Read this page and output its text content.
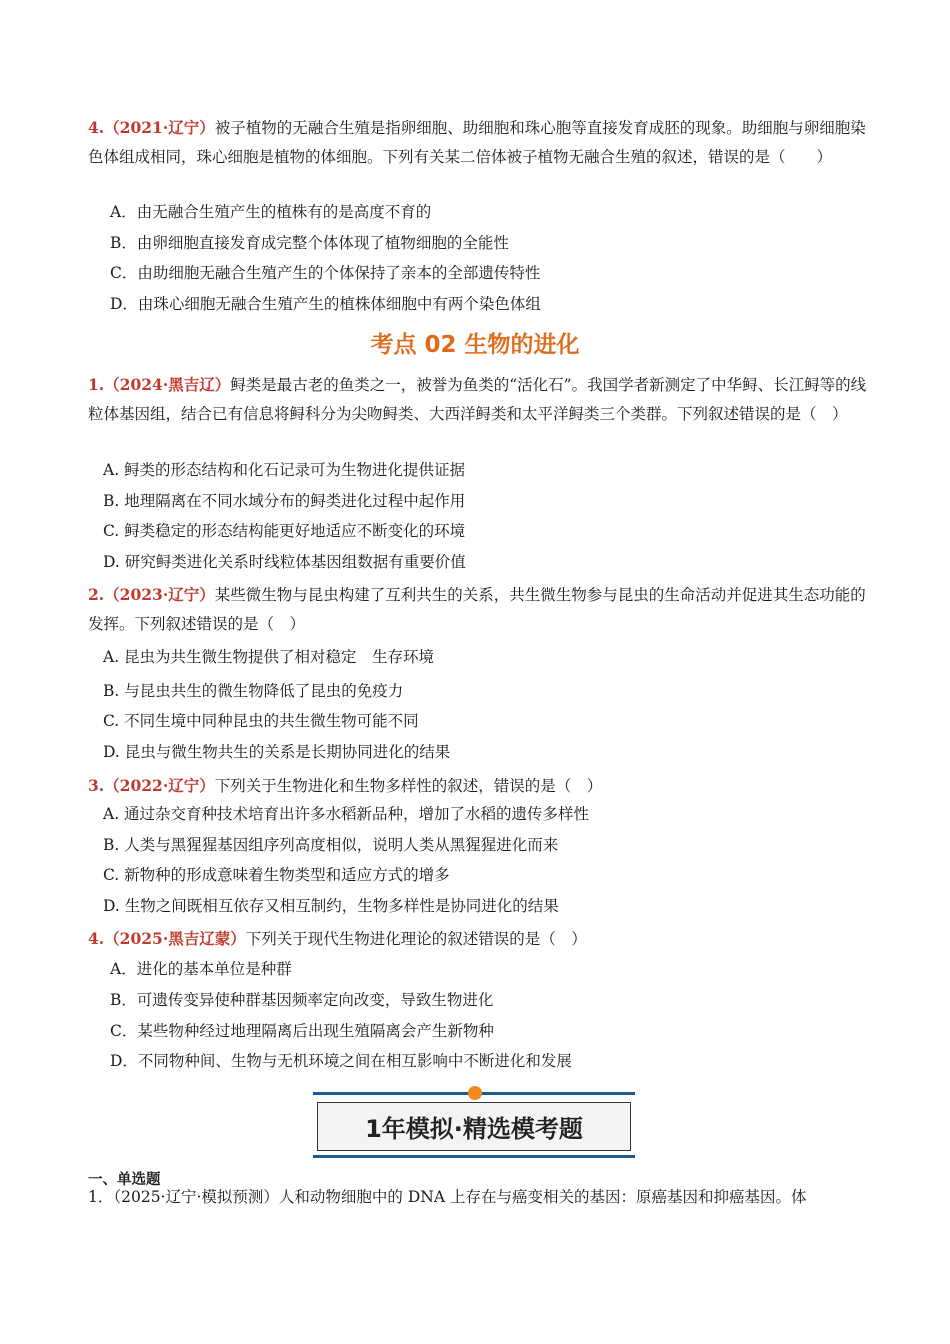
4.（2021·辽宁）被子植物的无融合生殖是指卵细胞、助细胞和珠心胞等直接发育成胚的现象。助细胞与卵细胞染色体组成相同，珠心细胞是植物的体细胞。下列有关某二倍体被子植物无融合生殖的叙述，错误的是（　　）
A．由无融合生殖产生的植株有的是高度不育的
B．由卵细胞直接发育成完整个体体现了植物细胞的全能性
C．由助细胞无融合生殖产生的个体保持了亲本的全部遗传特性
D．由珠心细胞无融合生殖产生的植株体细胞中有两个染色体组
考点 02 生物的进化
1.（2024·黑吉辽）鲟类是最古老的鱼类之一，被誉为鱼类的“活化石”。我国学者新测定了中华鲟、长江鲟等的线粒体基因组，结合已有信息将鲟科分为尖吻鲟类、大西洋鲟类和太平洋鲟类三个类群。下列叙述错误的是（　）
A. 鲟类的形态结构和化石记录可为生物进化提供证据
B. 地理隔离在不同水域分布的鲟类进化过程中起作用
C. 鲟类稳定的形态结构能更好地适应不断变化的环境
D. 研究鲟类进化关系时线粒体基因组数据有重要价值
2.（2023·辽宁）某些微生物与昆虫构建了互利共生的关系，共生微生物参与昆虫的生命活动并促进其生态功能的发挥。下列叙述错误的是（　）
A. 昆虫为共生微生物提供了相对稳定　生存环境
B. 与昆虫共生的微生物降低了昆虫的免疫力
C. 不同生境中同种昆虫的共生微生物可能不同
D. 昆虫与微生物共生的关系是长期协同进化的结果
3.（2022·辽宁）下列关于生物进化和生物多样性的叙述，错误的是（　）
A. 通过杂交育种技术培育出许多水稻新品种，增加了水稻的遗传多样性
B. 人类与黑猩猩基因组序列高度相似，说明人类从黑猩猩进化而来
C. 新物种的形成意味着生物类型和适应方式的增多
D. 生物之间既相互依存又相互制约，生物多样性是协同进化的结果
4.（2025·黑吉辽蒙）下列关于现代生物进化理论的叙述错误的是（　）
A．进化的基本单位是种群
B．可遗传变异使种群基因频率定向改变，导致生物进化
C．某些物种经过地理隔离后出现生殖隔离会产生新物种
D．不同物种间、生物与无机环境之间在相互影响中不断进化和发展
1年模拟·精选模考题
一、单选题
1．（2025·辽宁·模拟预测）人和动物细胞中的 DNA 上存在与癌变相关的基因：原癌基因和抑癌基因。体
